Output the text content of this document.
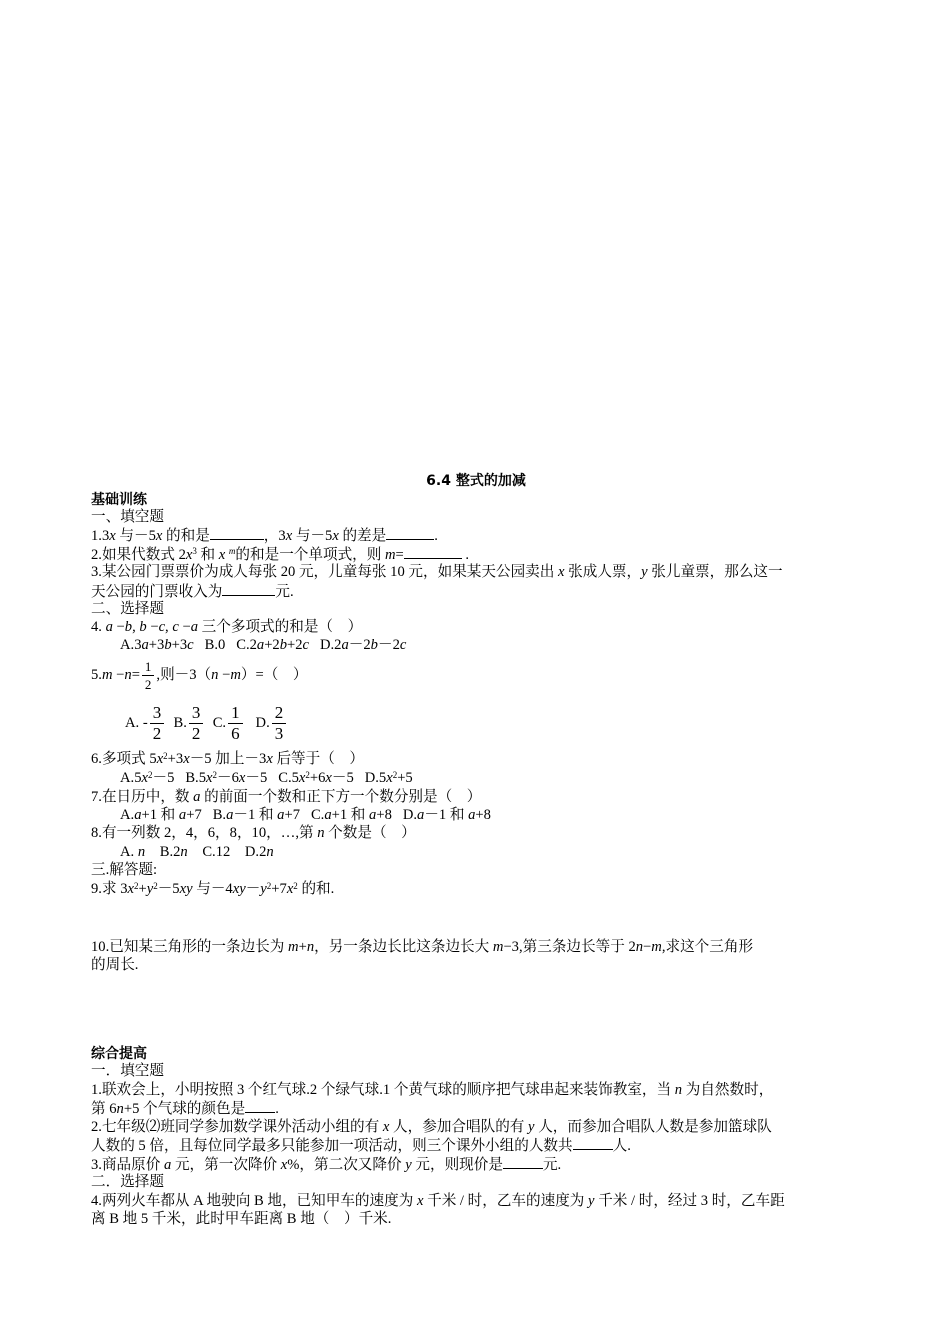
6.4 整式的加减
基础训练
一、填空题
1.3x 与－5x 的和是	，3x 与－5x 的差是	.
2.如果代数式 $2x^3$ 和 x $^m$的和是一个单项式，则 m=	.
3.某公园门票票价为成人每张 20 元，儿童每张 10 元，如果某天公园卖出 x 张成人票，y 张儿童票，那么这一
天公园的门票收入为	元.
二、选择题
4. a −b, b −c, c −a 三个多项式的和是（　）
A.3a+3b+3c   B.0   C.2a+2b+2c   D.2a－2b－2c
$5.m -n= \frac{1}{2}$ ,则－3（n −m）=（　）
A. - $\frac{3}{2} B$. $\frac{3}{2} C$. $\frac{1}{6} D$. $\frac{2}{3}$
6.多项式 $5x^2+3x-5$ 加上－3x 后等于（　）
$A.5x^2-5$   $B.5x^2-6x-5$   $C.5x^2+6x-5$   $D.5x^2+5$
7.在日历中，数 a 的前面一个数和正下方一个数分别是（　）
A.a+1 和 a+7   B.a－1 和 a+7   C.a+1 和 a+8   D.a－1 和 a+8
8.有一列数 2，4，6，8，10，…,第 n 个数是（　）
A. n    B.2n    C.12    D.2n
三.解答题:
9.求 $3x^2+y^2-5xy$ 与$-4xy-y^2+7x^2$ 的和.
10.已知某三角形的一条边长为 m+n，另一条边长比这条边长大 m−3,第三条边长等于 2n−m,求这个三角形
的周长.
综合提高
一．填空题
1.联欢会上，小明按照 3 个红气球.2 个绿气球.1 个黄气球的顺序把气球串起来装饰教室，当 n 为自然数时，
第 6n+5 个气球的颜色是 .
2.七年级⑵班同学参加数学课外活动小组的有 x 人，参加合唱队的有 y 人，而参加合唱队人数是参加篮球队
人数的 5 倍，且每位同学最多只能参加一项活动，则三个课外小组的人数共	人.
3.商品原价 a 元，第一次降价 x%，第二次又降价 y 元，则现价是	元.
二．选择题
4.两列火车都从 A 地驶向 B 地，已知甲车的速度为 x 千米 / 时，乙车的速度为 y 千米 / 时，经过 3 时，乙车距
离 B 地 5 千米，此时甲车距离 B 地（　）千米.
